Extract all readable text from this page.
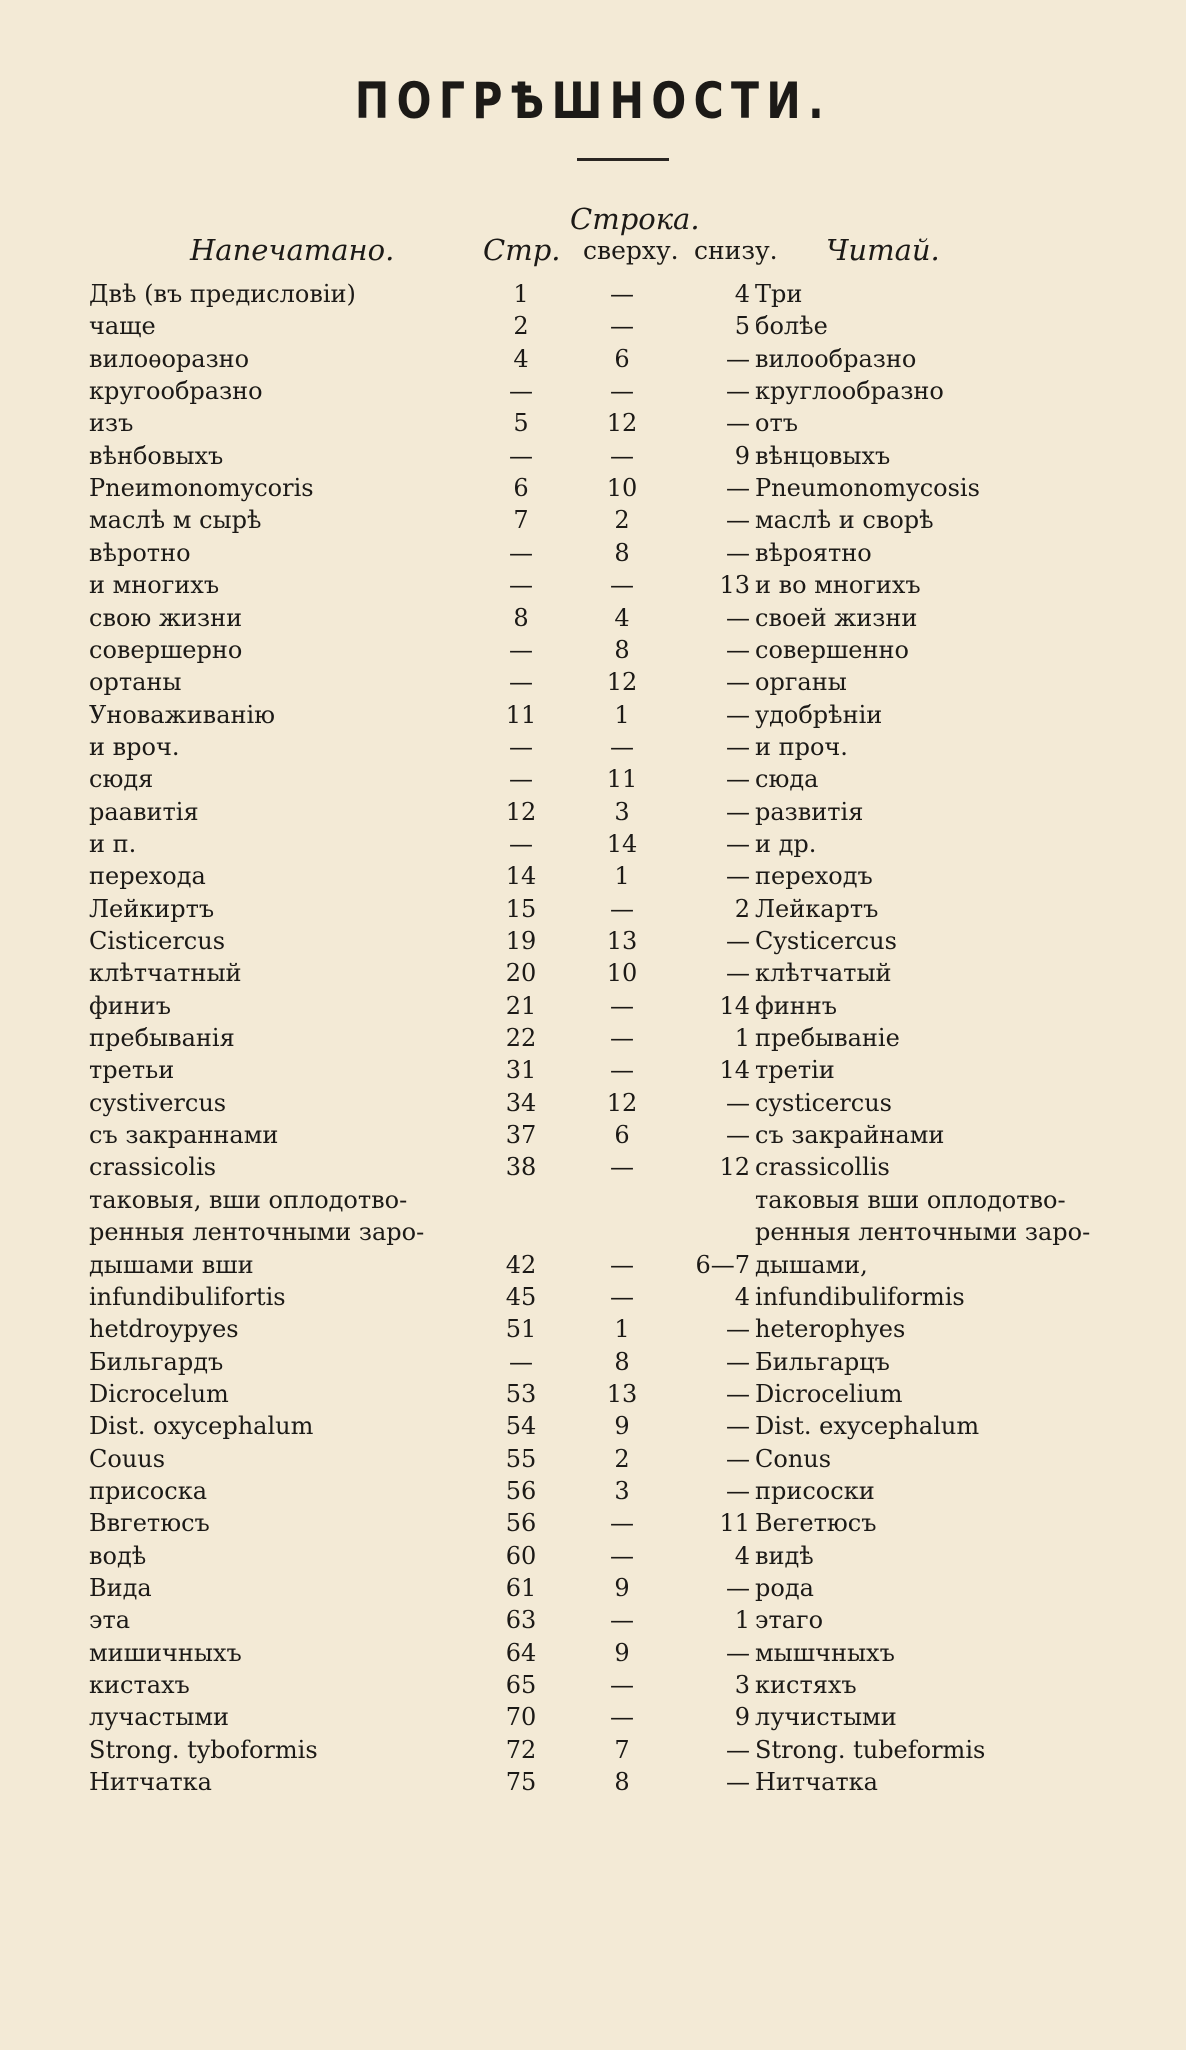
ПОГРѢШНОСТИ.
Строка.
Напечатано.	Стр. сверху. снизу. Читай.
Двѣ (въ предисловіи)	1	—	4 Три
чаще	2	—	5 болѣе
вилоѳоразно	4	6	— вилообразно
кругообразно	—	—	— круглообразно
изъ	5	12	— отъ
вѣнбовыхъ	—	—	9 вѣнцовыхъ
Pneиmonomycoris	6	10	— Pneumonomycosis
маслѣ м сырѣ	7	2	— маслѣ и сворѣ
вѣротно	—	8	— вѣроятно
и многихъ	—	—	13 и во многихъ
свою жизни	8	4	— своей жизни
совершерно	—	8	— совершенно
ортаны	—	12	— органы
Уноваживанію	11	1	— удобрѣніи
и вроч.	—	—	— и проч.
сюдя	—	11	— сюда
раавитія	12	3	— развитія
и п.	—	14	— и др.
перехода	14	1	— переходъ
Лейкиртъ	15	—	2 Лейкартъ
Cisticercus	19	13	— Cysticercus
клѣтчатный	20	10	— клѣтчатый
финиъ	21	—	14 финнъ
пребыванія	22	—	1 пребываніе
третьи	31	—	14 третіи
cystivercus	34	12	— cysticercus
съ закраннами	37	6	— съ закрайнами
crassicolis	38	—	12 crassicollis
таковыя, вши оплодотво-	таковыя вши оплодотво-
ренныя ленточными заро-	ренныя ленточными заро-
дышами вши	42	—	6—7 дышами,
infundibulifortis	45	—	4 infundibuliformis
hetdroypyes	51	1	— heterophyes
Бильгардъ	—	8	— Бильгарцъ
Dicrocelum	53	13	— Dicrocelium
Dist. oxycephalum	54	9	— Dist. exycephalum
Couus	55	2	— Conus
присоска	56	3	— присоски
Ввгетюсъ	56	—	11 Вегетюсъ
водѣ	60	—	4 видѣ
Вида	61	9	— рода
эта	63	—	1 этаго
мишичныхъ	64	9	— мышчныхъ
кистахъ	65	—	3 кистяхъ
лучастыми	70	—	9 лучистыми
Strong. tyboformis	72	7	— Strong. tubeformis
Нитчатка	75	8	— Нитчатка
